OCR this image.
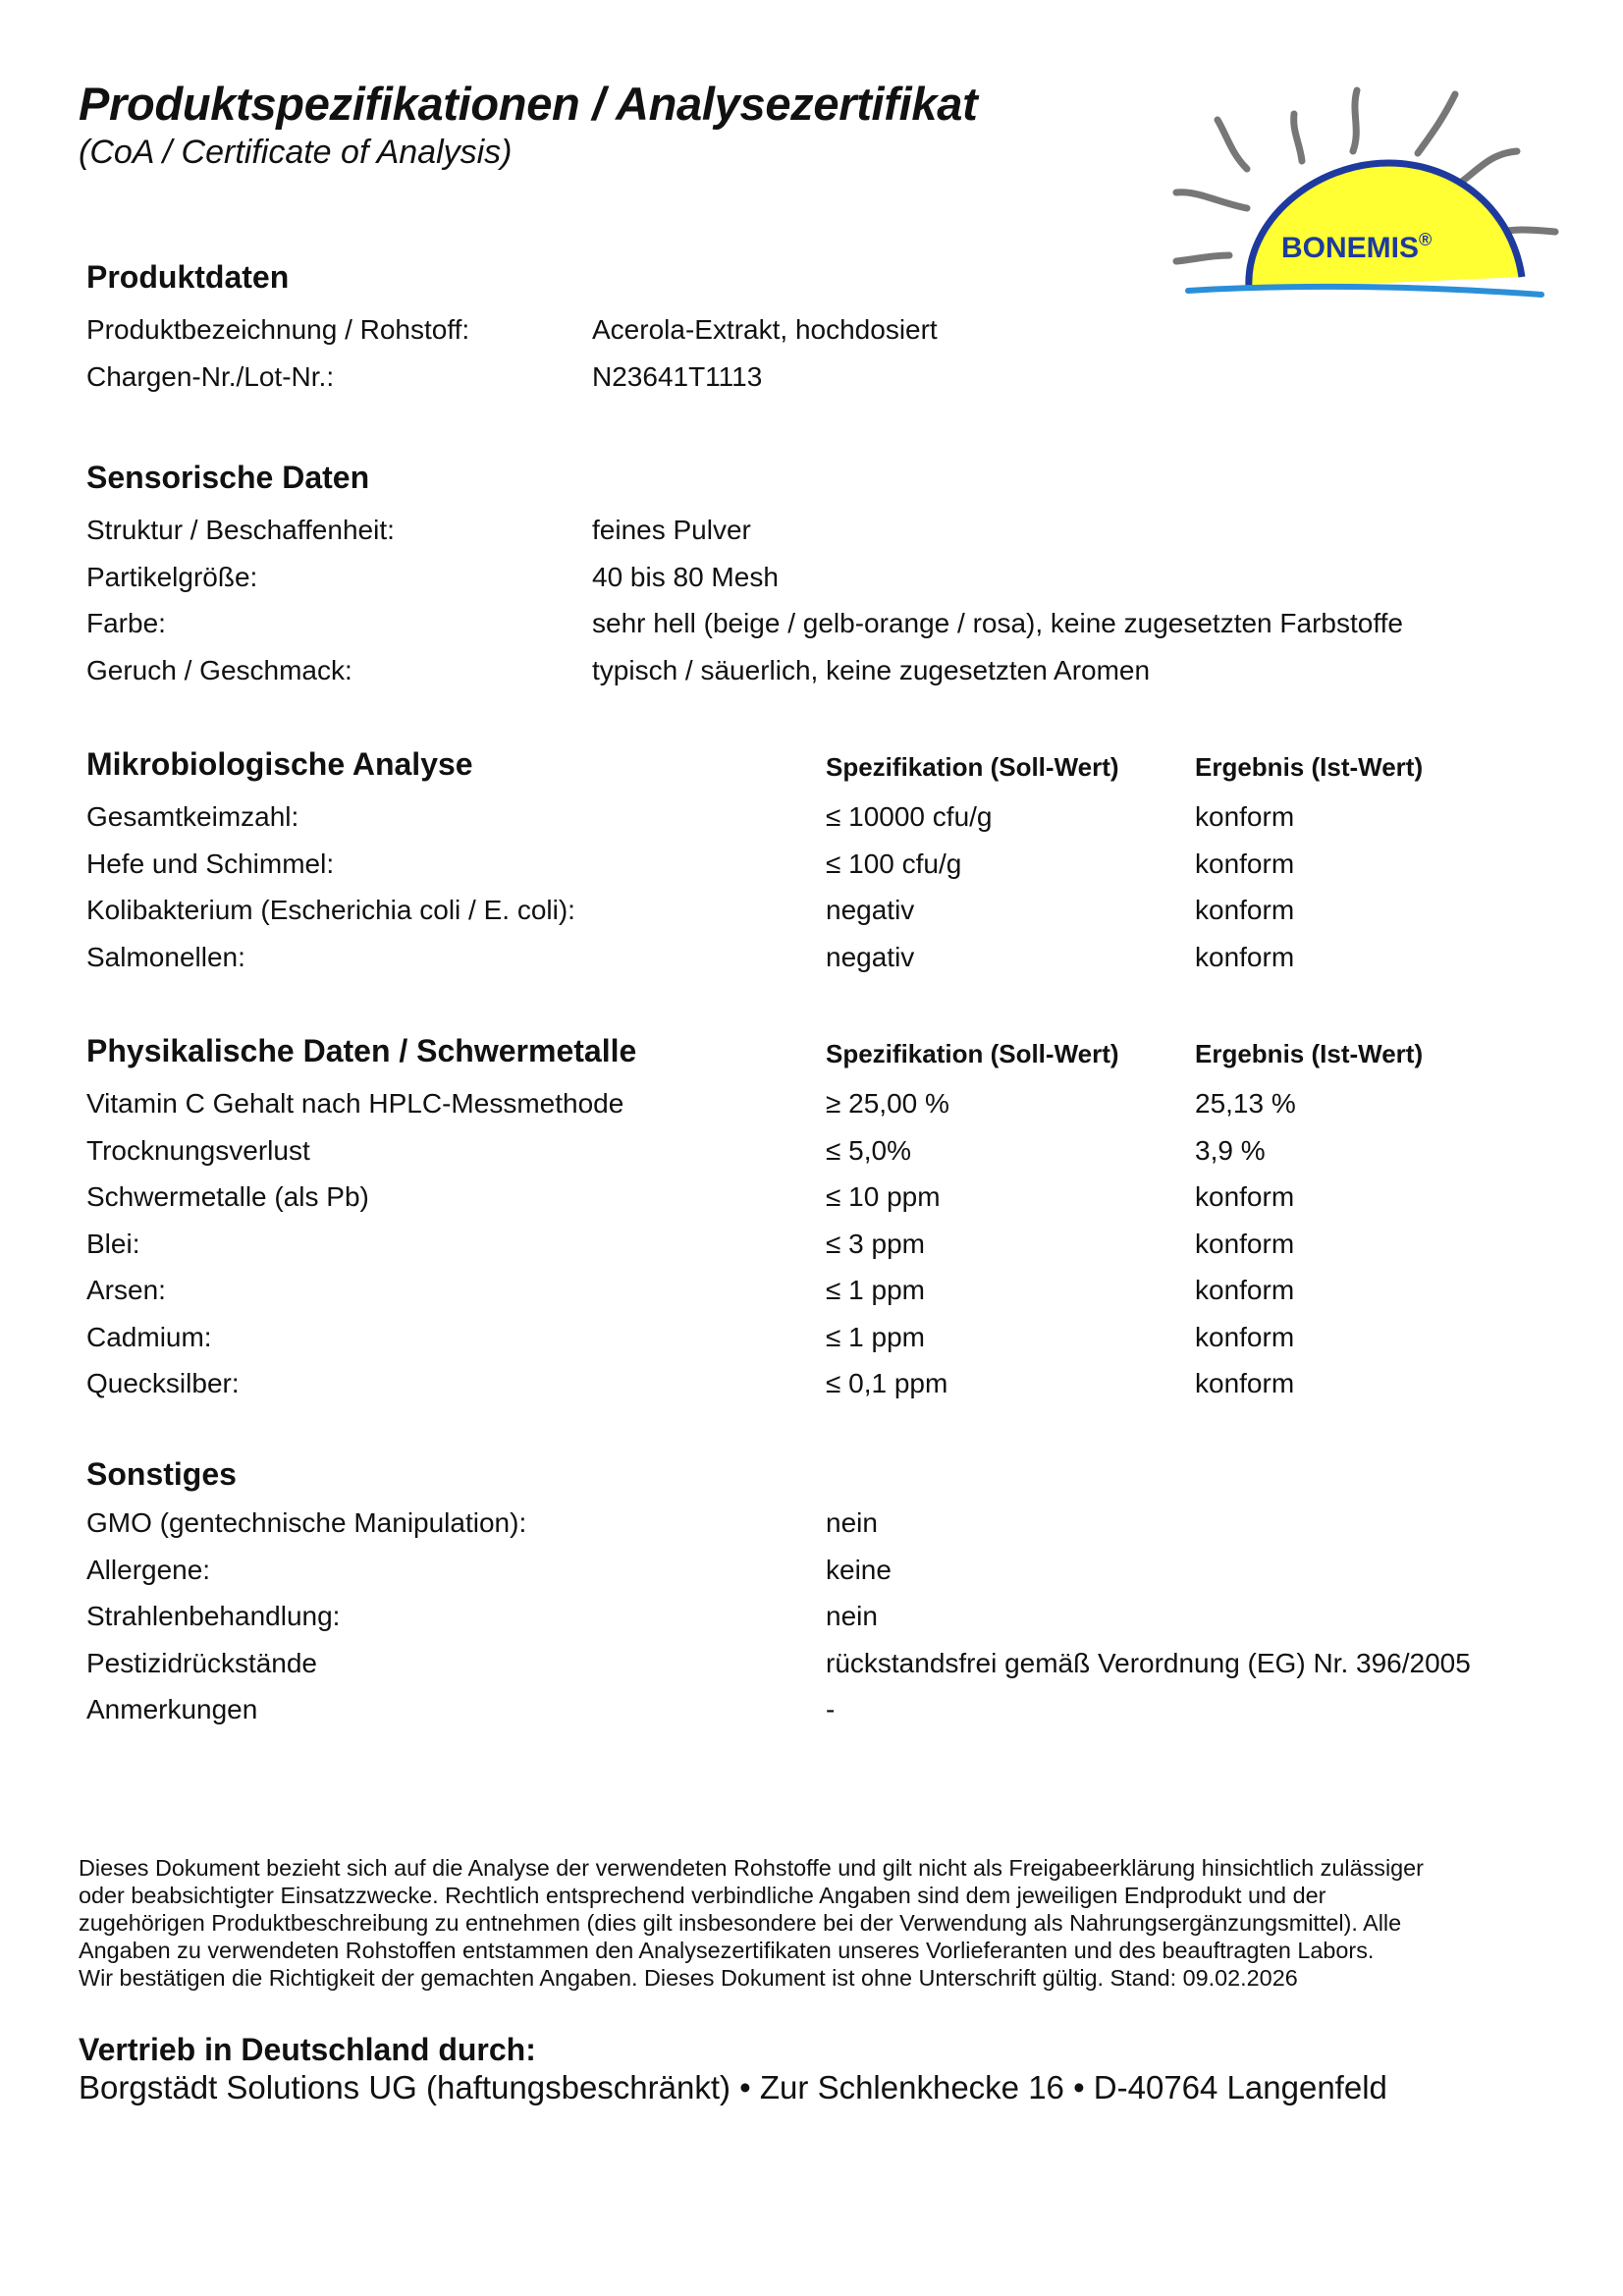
Produktspezifikationen / Analysezertifikat
(CoA / Certificate of Analysis)
BONEMIS®
Produktdaten
Produktbezeichnung / Rohstoff:	Acerola-Extrakt, hochdosiert
Chargen-Nr./Lot-Nr.:	N23641T1113
Sensorische Daten
Struktur / Beschaffenheit:	feines Pulver
Partikelgröße:	40 bis 80 Mesh
Farbe:	sehr hell (beige / gelb-orange / rosa), keine zugesetzten Farbstoffe
Geruch / Geschmack:	typisch / säuerlich, keine zugesetzten Aromen
Mikrobiologische Analyse	Spezifikation (Soll-Wert)	Ergebnis (Ist-Wert)
Gesamtkeimzahl:	≤ 10000 cfu/g	konform
Hefe und Schimmel:	≤ 100 cfu/g	konform
Kolibakterium (Escherichia coli / E. coli):	negativ	konform
Salmonellen:	negativ	konform
Physikalische Daten / Schwermetalle	Spezifikation (Soll-Wert)	Ergebnis (Ist-Wert)
Vitamin C Gehalt nach HPLC-Messmethode	≥ 25,00 %	25,13 %
Trocknungsverlust	≤ 5,0%	3,9 %
Schwermetalle (als Pb)	≤ 10 ppm	konform
Blei:	≤ 3 ppm	konform
Arsen:	≤ 1 ppm	konform
Cadmium:	≤ 1 ppm	konform
Quecksilber:	≤ 0,1 ppm	konform
Sonstiges
GMO (gentechnische Manipulation):	nein
Allergene:	keine
Strahlenbehandlung:	nein
Pestizidrückstände	rückstandsfrei gemäß Verordnung (EG) Nr. 396/2005
Anmerkungen	-
Dieses Dokument bezieht sich auf die Analyse der verwendeten Rohstoffe und gilt nicht als Freigabeerklärung hinsichtlich zulässiger
oder beabsichtigter Einsatzzwecke. Rechtlich entsprechend verbindliche Angaben sind dem jeweiligen Endprodukt und der
zugehörigen Produktbeschreibung zu entnehmen (dies gilt insbesondere bei der Verwendung als Nahrungsergänzungsmittel). Alle
Angaben zu verwendeten Rohstoffen entstammen den Analysezertifikaten unseres Vorlieferanten und des beauftragten Labors.
Wir bestätigen die Richtigkeit der gemachten Angaben. Dieses Dokument ist ohne Unterschrift gültig. Stand: 09.02.2026
Vertrieb in Deutschland durch:
Borgstädt Solutions UG (haftungsbeschränkt) • Zur Schlenkhecke 16 • D-40764 Langenfeld
